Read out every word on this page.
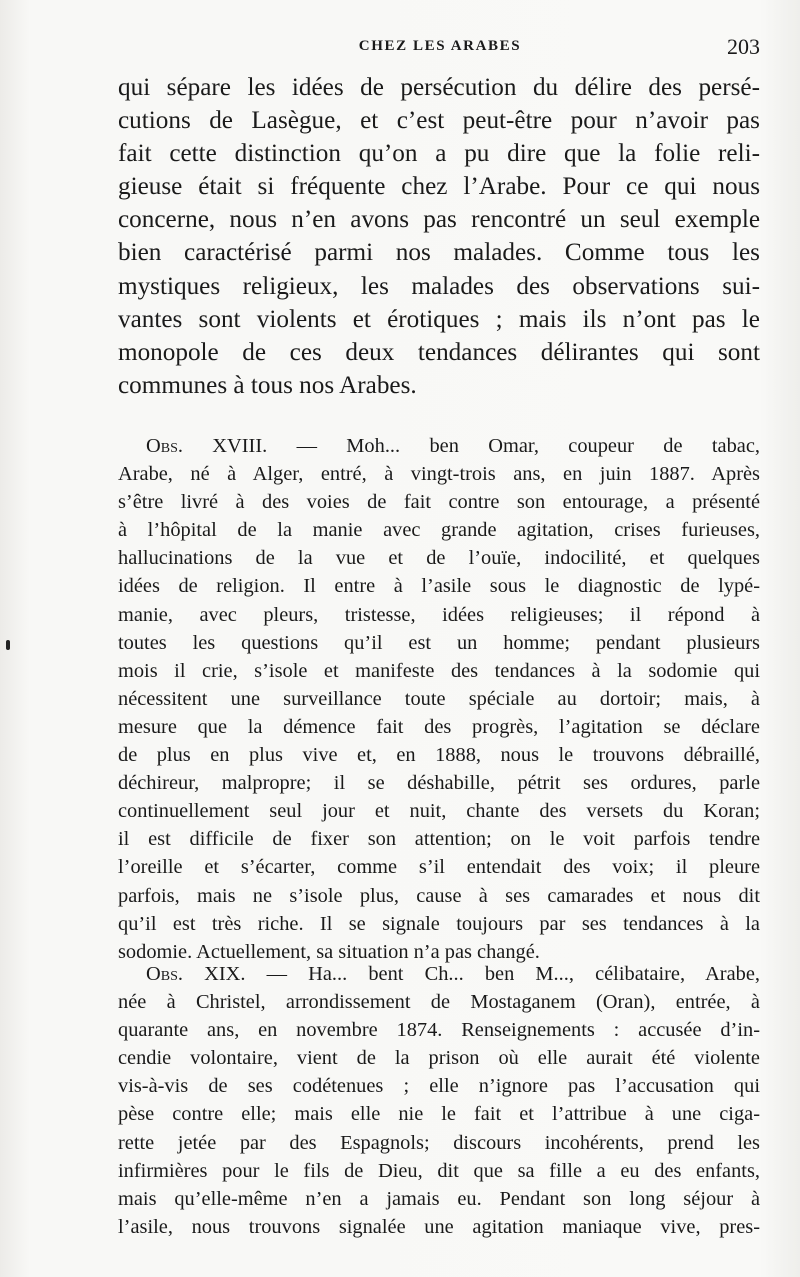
CHEZ LES ARABES	203
qui sépare les idées de persécution du délire des persé-
cutions de Lasègue, et c’est peut-être pour n’avoir pas
fait cette distinction qu’on a pu dire que la folie reli-
gieuse était si fréquente chez l’Arabe. Pour ce qui nous
concerne, nous n’en avons pas rencontré un seul exemple
bien caractérisé parmi nos malades. Comme tous les
mystiques religieux, les malades des observations sui-
vantes sont violents et érotiques ; mais ils n’ont pas le
monopole de ces deux tendances délirantes qui sont
communes à tous nos Arabes.
Obs. XVIII. — Moh... ben Omar, coupeur de tabac,
Arabe, né à Alger, entré, à vingt-trois ans, en juin 1887. Après
s’être livré à des voies de fait contre son entourage, a présenté
à l’hôpital de la manie avec grande agitation, crises furieuses,
hallucinations de la vue et de l’ouïe, indocilité, et quelques
idées de religion. Il entre à l’asile sous le diagnostic de lypé-
manie, avec pleurs, tristesse, idées religieuses; il répond à
toutes les questions qu’il est un homme; pendant plusieurs
mois il crie, s’isole et manifeste des tendances à la sodomie qui
nécessitent une surveillance toute spéciale au dortoir; mais, à
mesure que la démence fait des progrès, l’agitation se déclare
de plus en plus vive et, en 1888, nous le trouvons débraillé,
déchireur, malpropre; il se déshabille, pétrit ses ordures, parle
continuellement seul jour et nuit, chante des versets du Koran;
il est difficile de fixer son attention; on le voit parfois tendre
l’oreille et s’écarter, comme s’il entendait des voix; il pleure
parfois, mais ne s’isole plus, cause à ses camarades et nous dit
qu’il est très riche. Il se signale toujours par ses tendances à la
sodomie. Actuellement, sa situation n’a pas changé.
Obs. XIX. — Ha... bent Ch... ben M..., célibataire, Arabe,
née à Christel, arrondissement de Mostaganem (Oran), entrée, à
quarante ans, en novembre 1874. Renseignements : accusée d’in-
cendie volontaire, vient de la prison où elle aurait été violente
vis-à-vis de ses codétenues ; elle n’ignore pas l’accusation qui
pèse contre elle; mais elle nie le fait et l’attribue à une ciga-
rette jetée par des Espagnols; discours incohérents, prend les
infirmières pour le fils de Dieu, dit que sa fille a eu des enfants,
mais qu’elle-même n’en a jamais eu. Pendant son long séjour à
l’asile, nous trouvons signalée une agitation maniaque vive, pres-
